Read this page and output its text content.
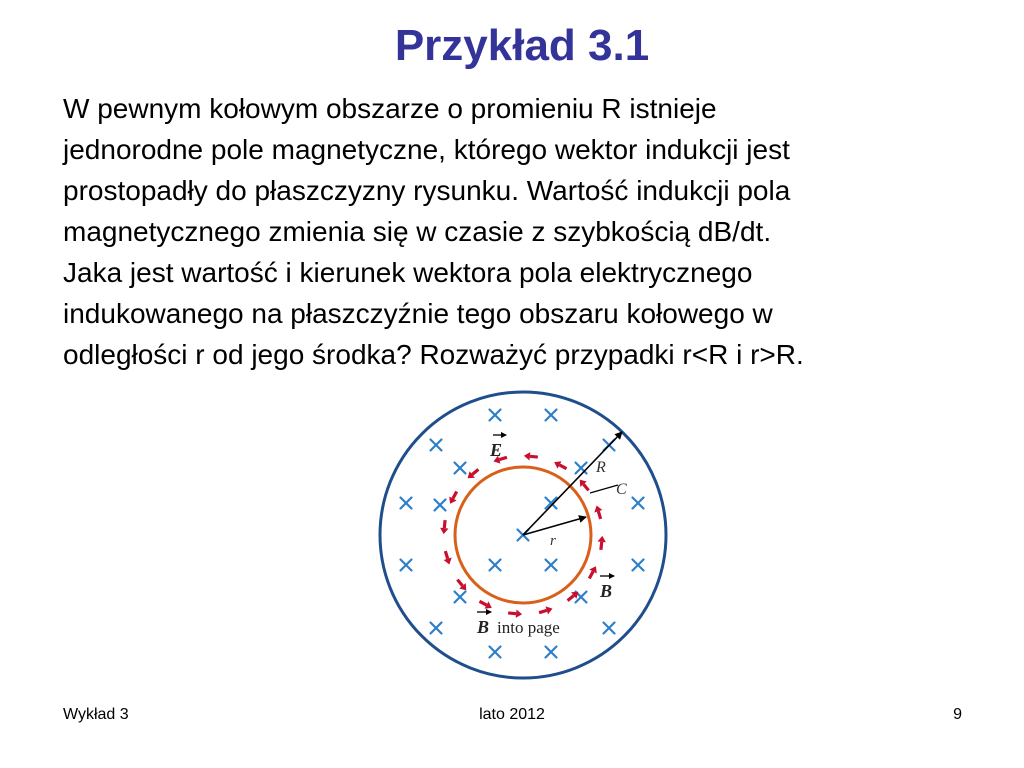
Przykład 3.1
W pewnym kołowym obszarze o promieniu R istnieje
jednorodne pole magnetyczne, którego wektor indukcji jest
prostopadły do płaszczyzny rysunku. Wartość indukcji pola
magnetycznego zmienia się w czasie z szybkością dB/dt.
Jaka jest wartość i kierunek wektora pola elektrycznego
indukowanego na płaszczyźnie tego obszaru kołowego w
odległości r od jego środka? Rozważyć przypadki r<R i r>R.
R
C
r
E
B
B into page
Wykład 3	lato 2012	9
